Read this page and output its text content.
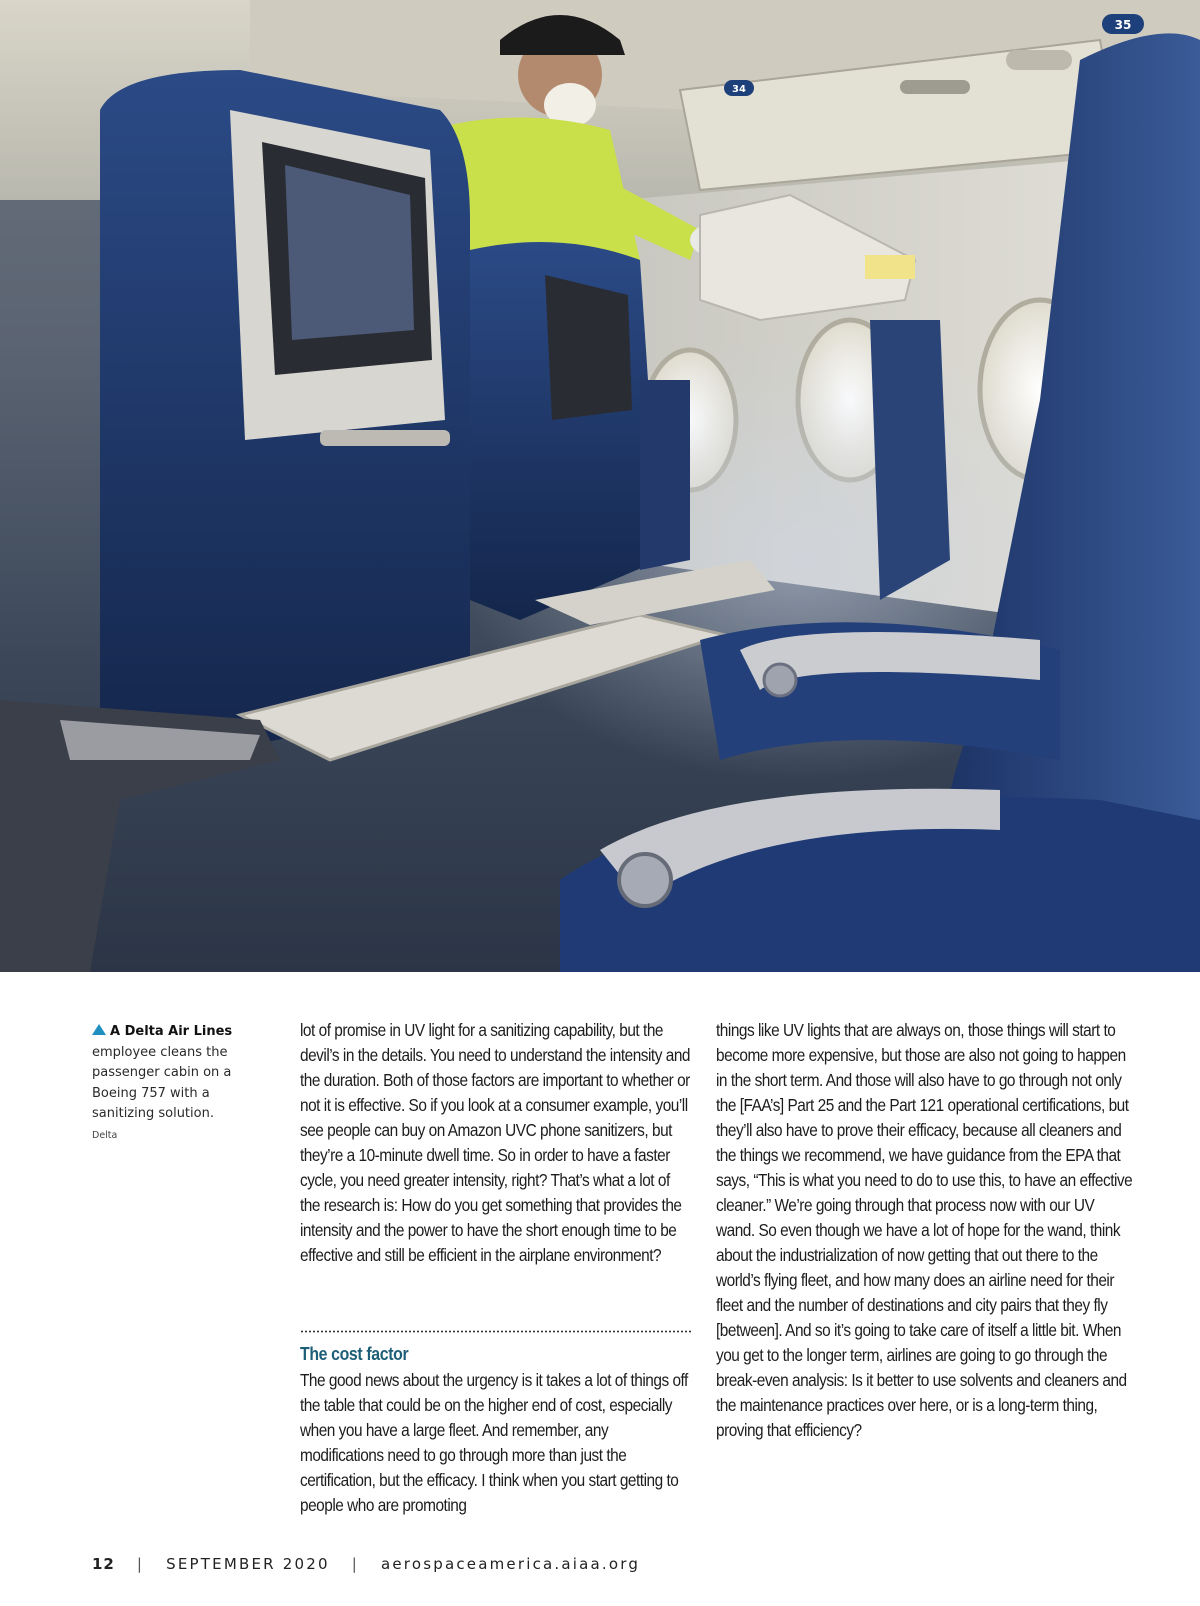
35
34
A Delta Air Lines employee cleans the passenger cabin on a Boeing 757 with a sanitizing solution.
Delta

lot of promise in UV light for a sanitizing capability, but the devil’s in the details. You need to understand the intensity and the duration. Both of those factors are important to whether or not it is effective. So if you look at a consumer example, you’ll see people can buy on Amazon UVC phone sanitizers, but they’re a 10-minute dwell time. So in order to have a faster cycle, you need greater intensity, right? That’s what a lot of the research is: How do you get something that provides the intensity and the power to have the short enough time to be effective and still be efficient in the airplane environment?

The cost factor

The good news about the urgency is it takes a lot of things off the table that could be on the higher end of cost, especially when you have a large fleet. And remember, any modifications need to go through more than just the certification, but the efficacy. I think when you start getting to people who are promoting

things like UV lights that are always on, those things will start to become more expensive, but those are also not going to happen in the short term. And those will also have to go through not only the [FAA’s] Part 25 and the Part 121 operational certifications, but they’ll also have to prove their efficacy, because all cleaners and the things we recommend, we have guidance from the EPA that says, “This is what you need to do to use this, to have an effective cleaner.” We’re going through that process now with our UV wand. So even though we have a lot of hope for the wand, think about the industrialization of now getting that out there to the world’s flying fleet, and how many does an airline need for their fleet and the number of destinations and city pairs that they fly [between]. And so it’s going to take care of itself a little bit. When you get to the longer term, airlines are going to go through the break-even analysis: Is it better to use solvents and cleaners and the maintenance practices over here, or is a long-term thing, proving that efficiency?

12 | SEPTEMBER 2020 | aerospaceamerica.aiaa.org
